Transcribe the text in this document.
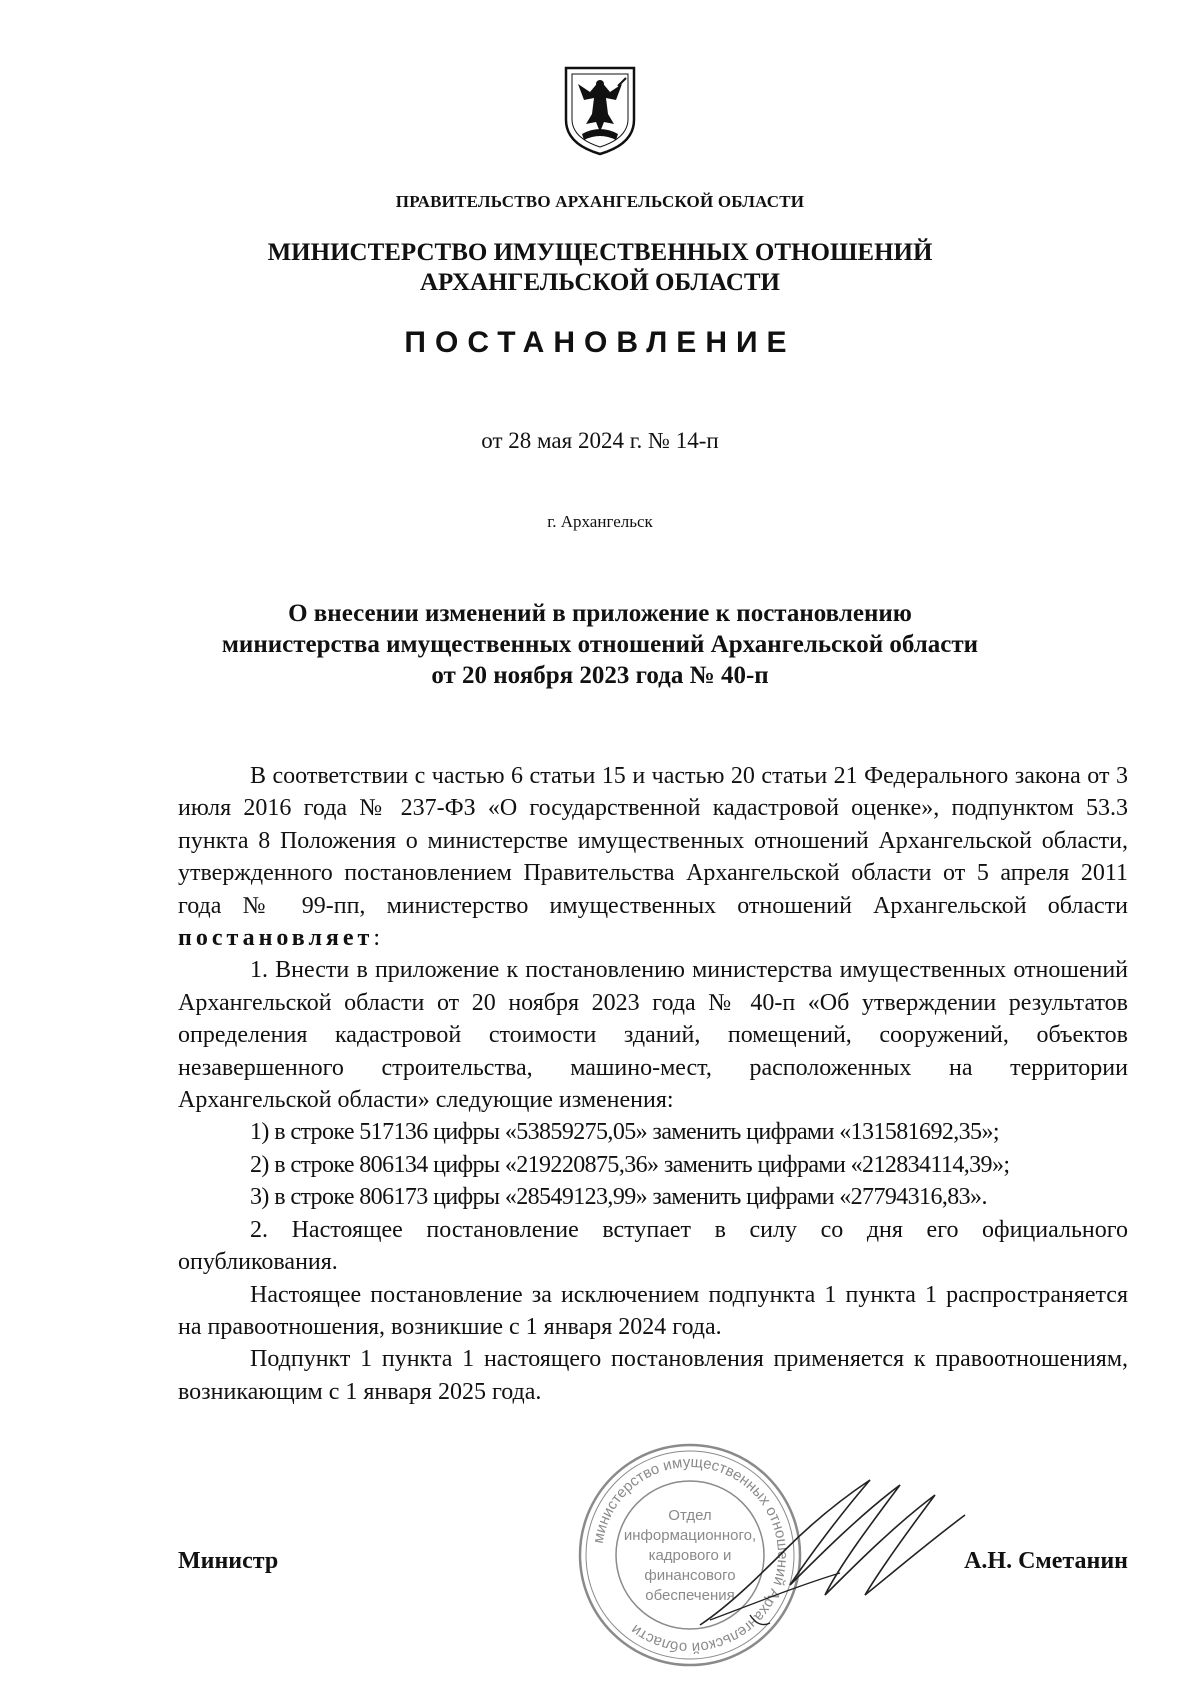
ПРАВИТЕЛЬСТВО АРХАНГЕЛЬСКОЙ ОБЛАСТИ
МИНИСТЕРСТВО ИМУЩЕСТВЕННЫХ ОТНОШЕНИЙ
АРХАНГЕЛЬСКОЙ ОБЛАСТИ
ПОСТАНОВЛЕНИЕ
от 28 мая 2024 г. № 14-п
г. Архангельск
О внесении изменений в приложение к постановлению
министерства имущественных отношений Архангельской области
от 20 ноября 2023 года № 40-п

В соответствии с частью 6 статьи 15 и частью 20 статьи 21 Федерального закона от 3 июля 2016 года № 237-ФЗ «О государственной кадастровой оценке», подпунктом 53.3 пункта 8 Положения о министерстве имущественных отношений Архангельской области, утвержденного постановлением Правительства Архангельской области от 5 апреля 2011 года № 99-пп, министерство имущественных отношений Архангельской области постановляет:

1. Внести в приложение к постановлению министерства имущественных отношений Архангельской области от 20 ноября 2023 года № 40-п «Об утверждении результатов определения кадастровой стоимости зданий, помещений, сооружений, объектов незавершенного строительства, машино-мест, расположенных на территории Архангельской области» следующие изменения:

1) в строке 517136 цифры «53859275,05» заменить цифрами «131581692,35»;

2) в строке 806134 цифры «219220875,36» заменить цифрами «212834114,39»;

3) в строке 806173 цифры «28549123,99» заменить цифрами «27794316,83».

2. Настоящее постановление вступает в силу со дня его официального опубликования.

Настоящее постановление за исключением подпункта 1 пункта 1 распространяется на правоотношения, возникшие с 1 января 2024 года.

Подпункт 1 пункта 1 настоящего постановления применяется к правоотношениям, возникающим с 1 января 2025 года.

Министр	А.Н. Сметанин
министерство имущественных отношений Архангельской области
Отдел
информационного,
кадрового и
финансового
обеспечения
